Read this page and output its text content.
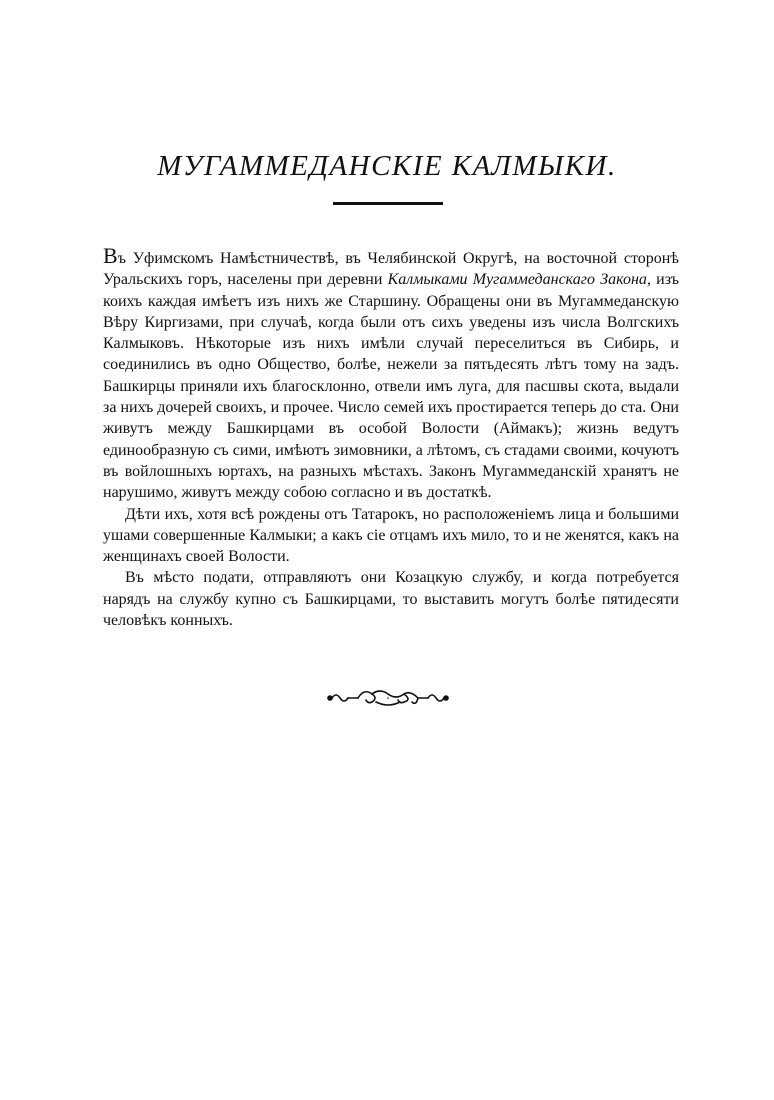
МУГАММЕДАНСКIЕ КАЛМЫКИ.

Въ Уфимскомъ Намѣстничествѣ, въ Челябинской Округѣ, на восточной сторонѣ Уральскихъ горъ, населены при деревни Калмыками Мугаммеданскаго Закона, изъ коихъ каждая имѣетъ изъ нихъ же Старшину. Обращены они въ Мугаммеданскую Вѣру Киргизами, при случаѣ, когда были отъ сихъ уведены изъ числа Волгскихъ Калмыковъ. Нѣкоторые изъ нихъ имѣли случай переселиться въ Сибирь, и соединились въ одно Общество, болѣе, нежели за пятьдесять лѣтъ тому на задъ. Башкирцы приняли ихъ благосклонно, отвели имъ луга, для пасшвы скота, выдали за нихъ дочерей своихъ, и прочее. Число семей ихъ простирается теперь до ста. Они живутъ между Башкирцами въ особой Волости (Аймакъ); жизнь ведутъ единообразную съ сими, имѣютъ зимовники, а лѣтомъ, съ стадами своими, кочуютъ въ войлошныхъ юртахъ, на разныхъ мѣстахъ. Законъ Мугаммеданскiй хранятъ не нарушимо, живутъ между собою согласно и въ достаткѣ.

Дѣти ихъ, хотя всѣ рождены отъ Татарокъ, но расположенiемъ лица и большими ушами совершенные Калмыки; а какъ сiе отцамъ ихъ мило, то и не женятся, какъ на женщинахъ своей Волости.

Въ мѣсто подати, отправляютъ они Козацкую службу, и когда потребуется нарядъ на службу купно съ Башкирцами, то выставить могутъ болѣе пятидесяти человѣкъ конныхъ.
